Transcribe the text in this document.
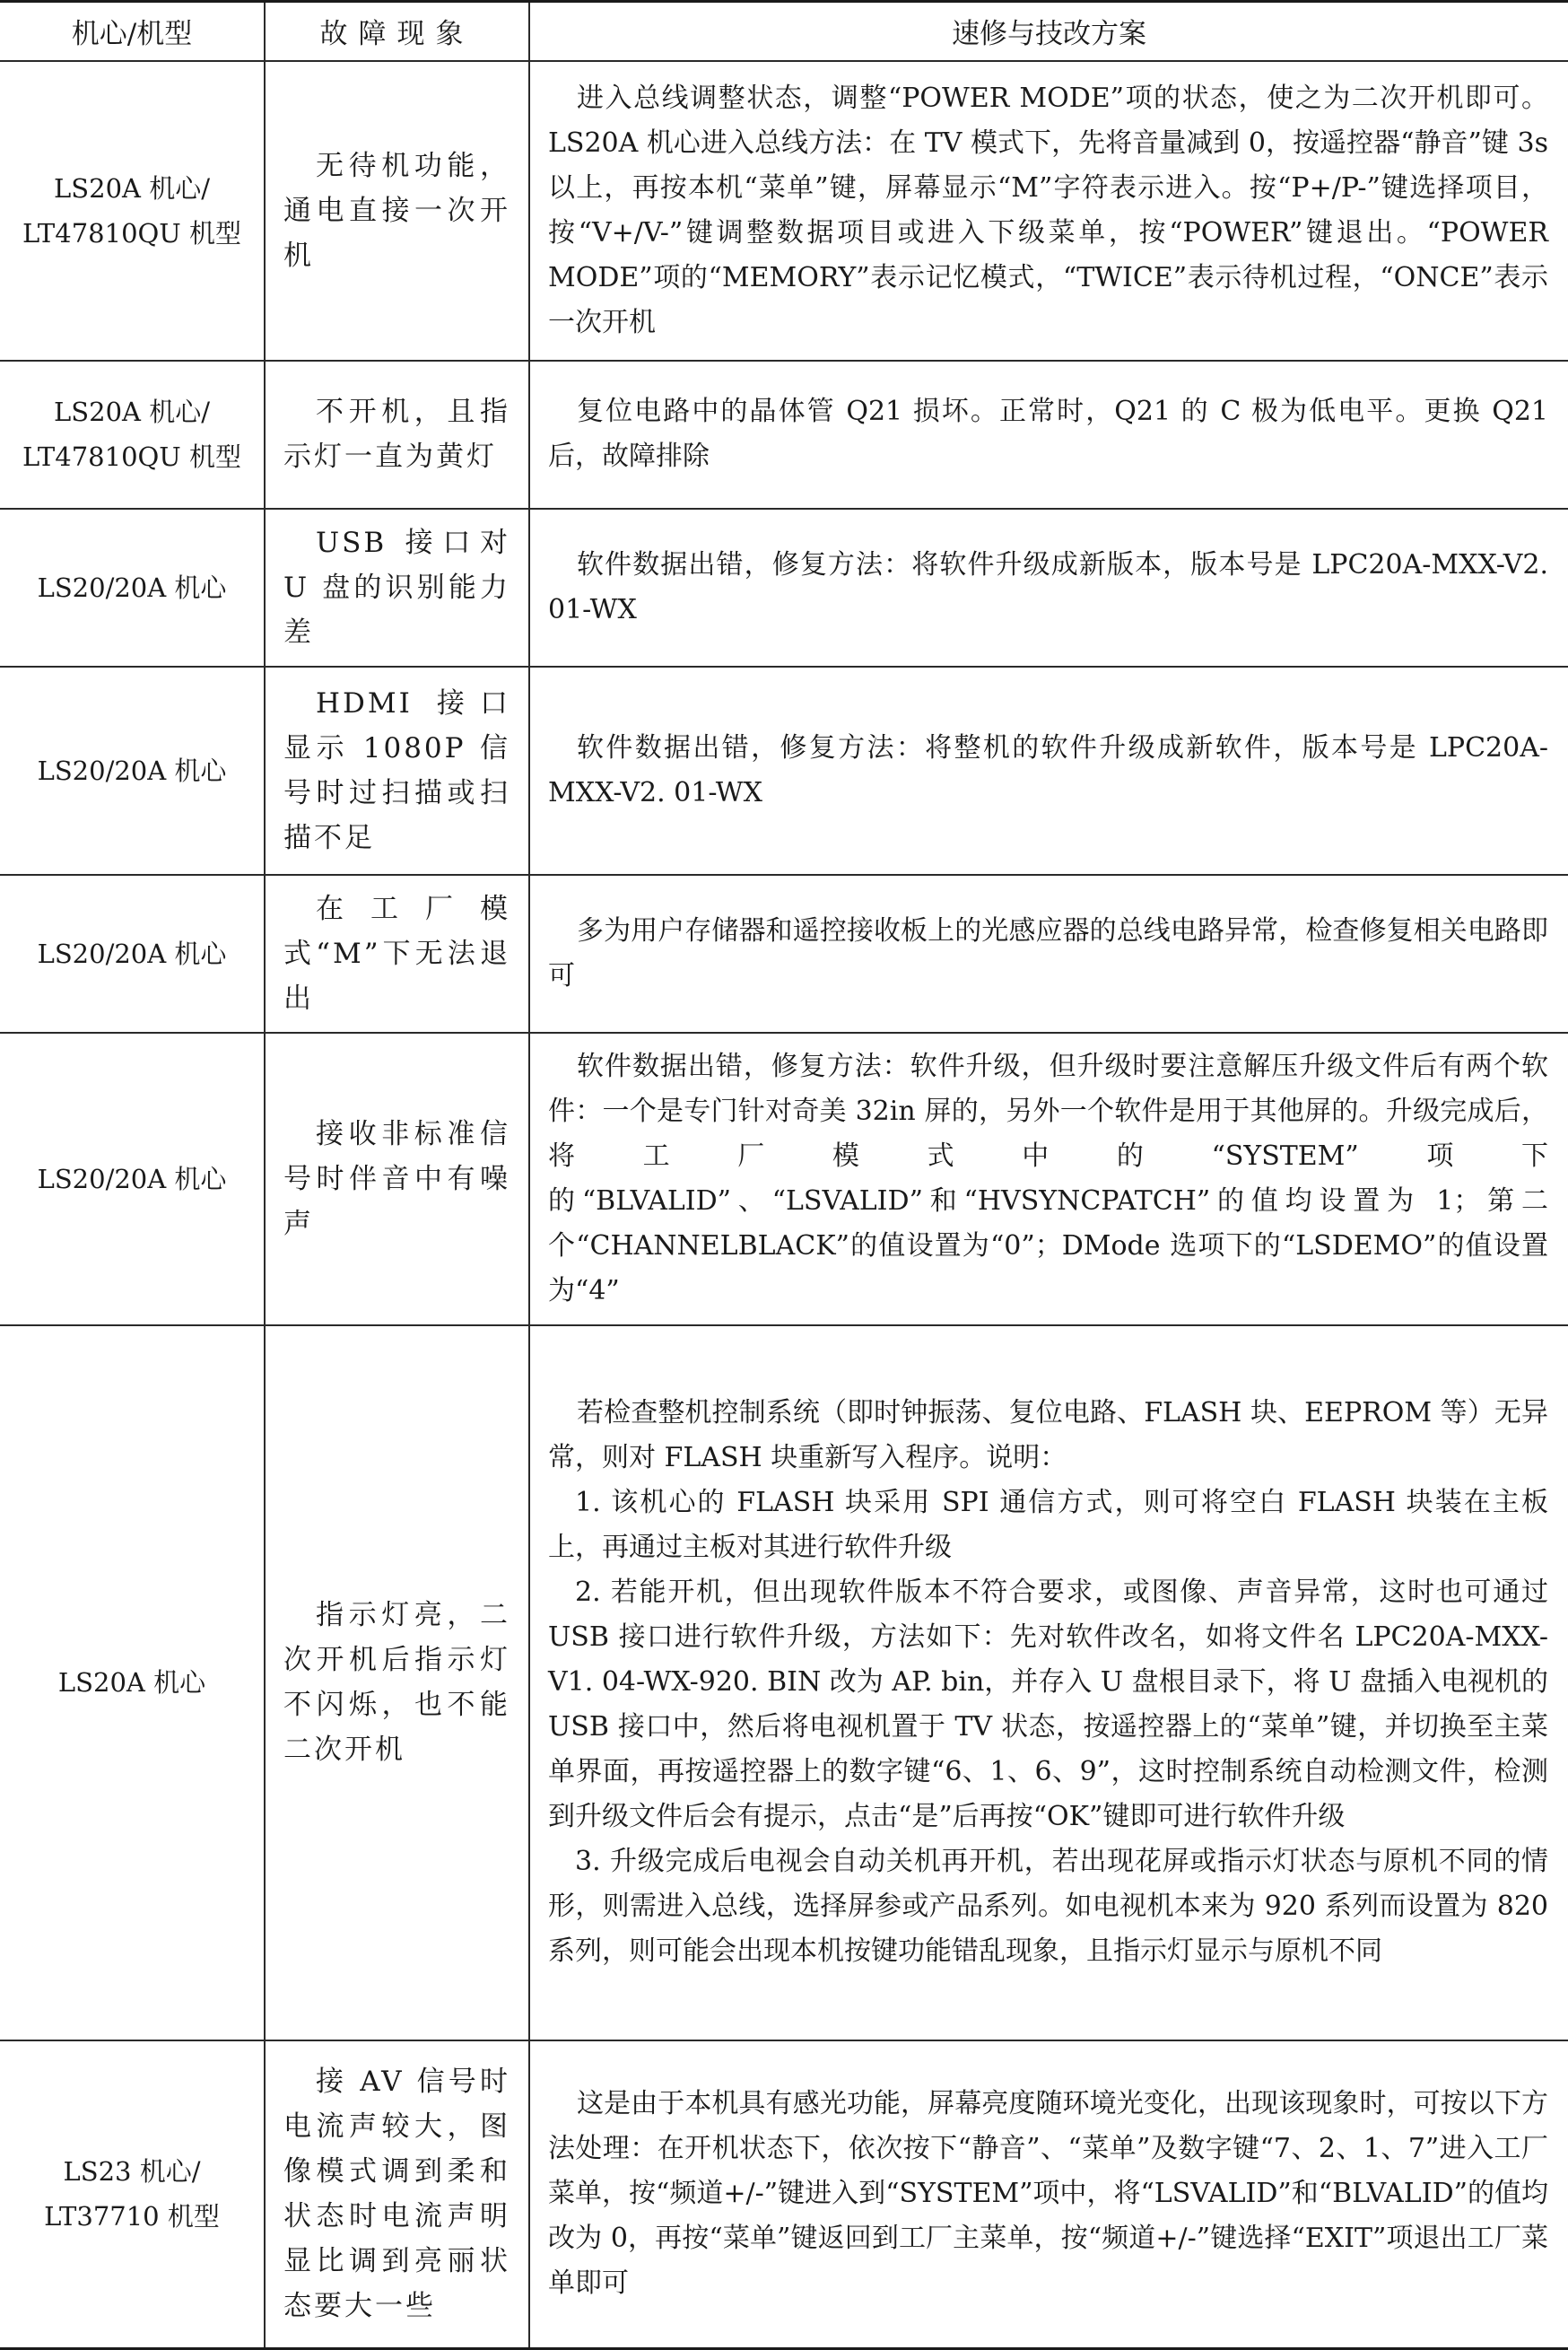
机心/机型	故障现象	速修与技改方案

LS20A 机心/
LT47810QU 机型	无待机功能，通电直接一次开机	进入总线调整状态，调整“POWER MODE”项的状态，使之为二次开机即可。LS20A 机心进入总线方法：在 TV 模式下，先将音量减到 0，按遥控器“静音”键 3s 以上，再按本机“菜单”键，屏幕显示“M”字符表示进入。按“P+/P-”键选择项目，按“V+/V-”键调整数据项目或进入下级菜单，按“POWER”键退出。“POWER MODE”项的“MEMORY”表示记忆模式，“TWICE”表示待机过程，“ONCE”表示一次开机

LS20A 机心/
LT47810QU 机型	不开机，且指示灯一直为黄灯	复位电路中的晶体管 Q21 损坏。正常时，Q21 的 C 极为低电平。更换 Q21 后，故障排除

LS20/20A 机心	USB 接口对 U 盘的识别能力差	软件数据出错，修复方法：将软件升级成新版本，版本号是 LPC20A-MXX-V2. 01-WX

LS20/20A 机心	HDMI 接口显示 1080P 信号时过扫描或扫描不足	软件数据出错，修复方法：将整机的软件升级成新软件，版本号是 LPC20A-MXX-V2. 01-WX

LS20/20A 机心	在工厂模式“M”下无法退出	多为用户存储器和遥控接收板上的光感应器的总线电路异常，检查修复相关电路即可

LS20/20A 机心	接收非标准信号时伴音中有噪声	软件数据出错，修复方法：软件升级，但升级时要注意解压升级文件后有两个软件：一个是专门针对奇美 32in 屏的，另外一个软件是用于其他屏的。升级完成后，将工厂模式中的“SYSTEM”项下的“BLVALID”、“LSVALID”和“HVSYNCPATCH”的值均设置为 1；第二个“CHANNELBLACK”的值设置为“0”；DMode 选项下的“LSDEMO”的值设置为“4”

LS20A 机心	指示灯亮，二次开机后指示灯不闪烁，也不能二次开机	若检查整机控制系统（即时钟振荡、复位电路、FLASH 块、EEPROM 等）无异常，则对 FLASH 块重新写入程序。说明：

1. 该机心的 FLASH 块采用 SPI 通信方式，则可将空白 FLASH 块装在主板上，再通过主板对其进行软件升级

2. 若能开机，但出现软件版本不符合要求，或图像、声音异常，这时也可通过 USB 接口进行软件升级，方法如下：先对软件改名，如将文件名 LPC20A-MXX-V1. 04-WX-920. BIN 改为 AP. bin，并存入 U 盘根目录下，将 U 盘插入电视机的 USB 接口中，然后将电视机置于 TV 状态，按遥控器上的“菜单”键，并切换至主菜单界面，再按遥控器上的数字键“6、1、6、9”，这时控制系统自动检测文件，检测到升级文件后会有提示，点击“是”后再按“OK”键即可进行软件升级

3. 升级完成后电视会自动关机再开机，若出现花屏或指示灯状态与原机不同的情形，则需进入总线，选择屏参或产品系列。如电视机本来为 920 系列而设置为 820 系列，则可能会出现本机按键功能错乱现象，且指示灯显示与原机不同

LS23 机心/
LT37710 机型	接 AV 信号时电流声较大，图像模式调到柔和状态时电流声明显比调到亮丽状态要大一些	这是由于本机具有感光功能，屏幕亮度随环境光变化，出现该现象时，可按以下方法处理：在开机状态下，依次按下“静音”、“菜单”及数字键“7、2、1、7”进入工厂菜单，按“频道+/-”键进入到“SYSTEM”项中，将“LSVALID”和“BLVALID”的值均改为 0，再按“菜单”键返回到工厂主菜单，按“频道+/-”键选择“EXIT”项退出工厂菜单即可
